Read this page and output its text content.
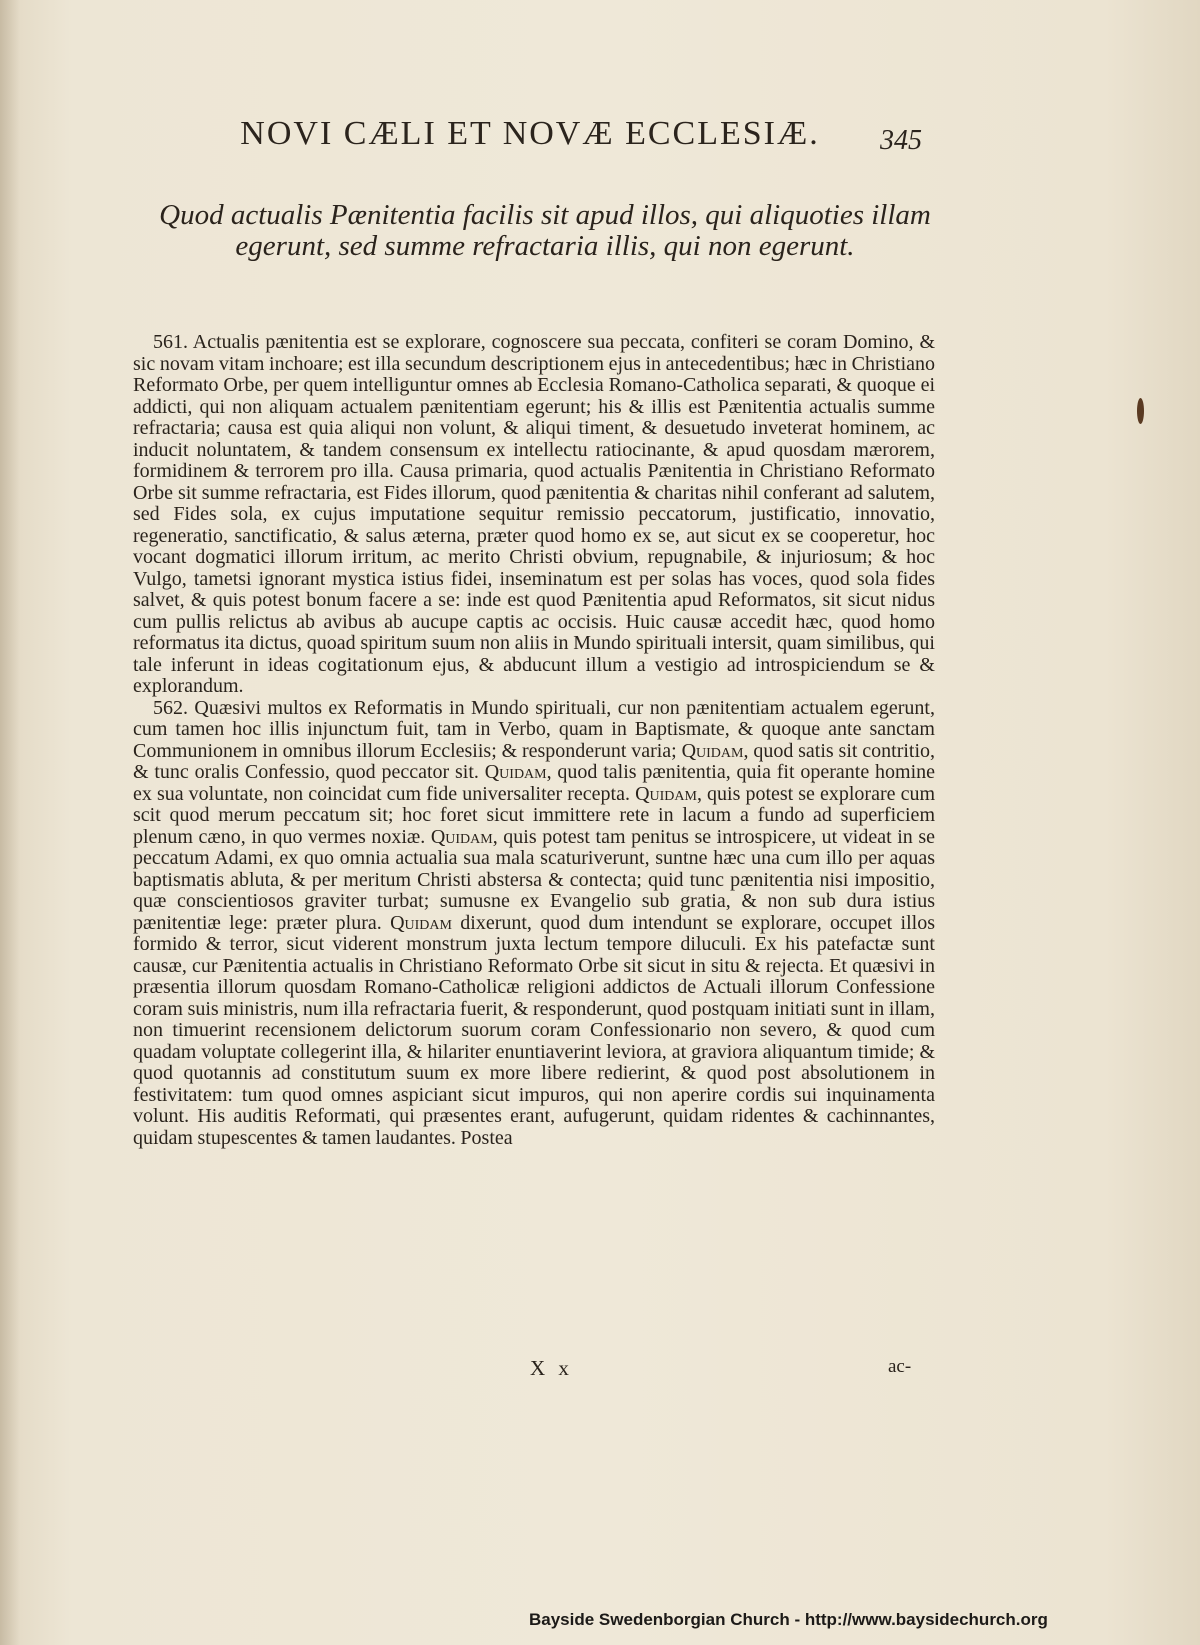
NOVI CÆLI ET NOVÆ ECCLESIÆ.	345
Quod actualis Pænitentia facilis sit apud illos, qui aliquoties illam egerunt, sed summe refractaria illis, qui non egerunt.

561. Actualis pænitentia est se explorare, cognoscere sua peccata, confiteri se coram Domino, & sic novam vitam inchoare; est illa secundum descriptionem ejus in antecedentibus; hæc in Christiano Reformato Orbe, per quem intelliguntur omnes ab Ecclesia Romano-Catholica separati, & quoque ei addicti, qui non aliquam actualem pænitentiam egerunt; his & illis est Pænitentia actualis summe refractaria; causa est quia aliqui non volunt, & aliqui timent, & desuetudo inveterat hominem, ac inducit noluntatem, & tandem consensum ex intellectu ratiocinante, & apud quosdam mærorem, formidinem & terrorem pro illa. Causa primaria, quod actualis Pænitentia in Christiano Reformato Orbe sit summe refractaria, est Fides illorum, quod pænitentia & charitas nihil conferant ad salutem, sed Fides sola, ex cujus imputatione sequitur remissio peccatorum, justificatio, innovatio, regeneratio, sanctificatio, & salus æterna, præter quod homo ex se, aut sicut ex se cooperetur, hoc vocant dogmatici illorum irritum, ac merito Christi obvium, repugnabile, & injuriosum; & hoc Vulgo, tametsi ignorant mystica istius fidei, inseminatum est per solas has voces, quod sola fides salvet, & quis potest bonum facere a se: inde est quod Pænitentia apud Reformatos, sit sicut nidus cum pullis relictus ab avibus ab aucupe captis ac occisis. Huic causæ accedit hæc, quod homo reformatus ita dictus, quoad spiritum suum non aliis in Mundo spirituali intersit, quam similibus, qui tale inferunt in ideas cogitationum ejus, & abducunt illum a vestigio ad introspiciendum se & explorandum.

562. Quæsivi multos ex Reformatis in Mundo spirituali, cur non pænitentiam actualem egerunt, cum tamen hoc illis injunctum fuit, tam in Verbo, quam in Baptismate, & quoque ante sanctam Communionem in omnibus illorum Ecclesiis; & responderunt varia; Quidam, quod satis sit contritio, & tunc oralis Confessio, quod peccator sit. Quidam, quod talis pænitentia, quia fit operante homine ex sua voluntate, non coincidat cum fide universaliter recepta. Quidam, quis potest se explorare cum scit quod merum peccatum sit; hoc foret sicut immittere rete in lacum a fundo ad superficiem plenum cæno, in quo vermes noxiæ. Quidam, quis potest tam penitus se introspicere, ut videat in se peccatum Adami, ex quo omnia actualia sua mala scaturiverunt, suntne hæc una cum illo per aquas baptismatis abluta, & per meritum Christi abstersa & contecta; quid tunc pænitentia nisi impositio, quæ conscientiosos graviter turbat; sumusne ex Evangelio sub gratia, & non sub dura istius pænitentiæ lege: præter plura. Quidam dixerunt, quod dum intendunt se explorare, occupet illos formido & terror, sicut viderent monstrum juxta lectum tempore diluculi. Ex his patefactæ sunt causæ, cur Pænitentia actualis in Christiano Reformato Orbe sit sicut in situ & rejecta. Et quæsivi in præsentia illorum quosdam Romano-Catholicæ religioni addictos de Actuali illorum Confessione coram suis ministris, num illa refractaria fuerit, & responderunt, quod postquam initiati sunt in illam, non timuerint recensionem delictorum suorum coram Confessionario non severo, & quod cum quadam voluptate collegerint illa, & hilariter enuntiaverint leviora, at graviora aliquantum timide; & quod quotannis ad constitutum suum ex more libere redierint, & quod post absolutionem in festivitatem: tum quod omnes aspiciant sicut impuros, qui non aperire cordis sui inquinamenta volunt. His auditis Reformati, qui præsentes erant, aufugerunt, quidam ridentes & cachinnantes, quidam stupescentes & tamen laudantes. Postea

X x	ac-
Bayside Swedenborgian Church - http://www.baysidechurch.org
